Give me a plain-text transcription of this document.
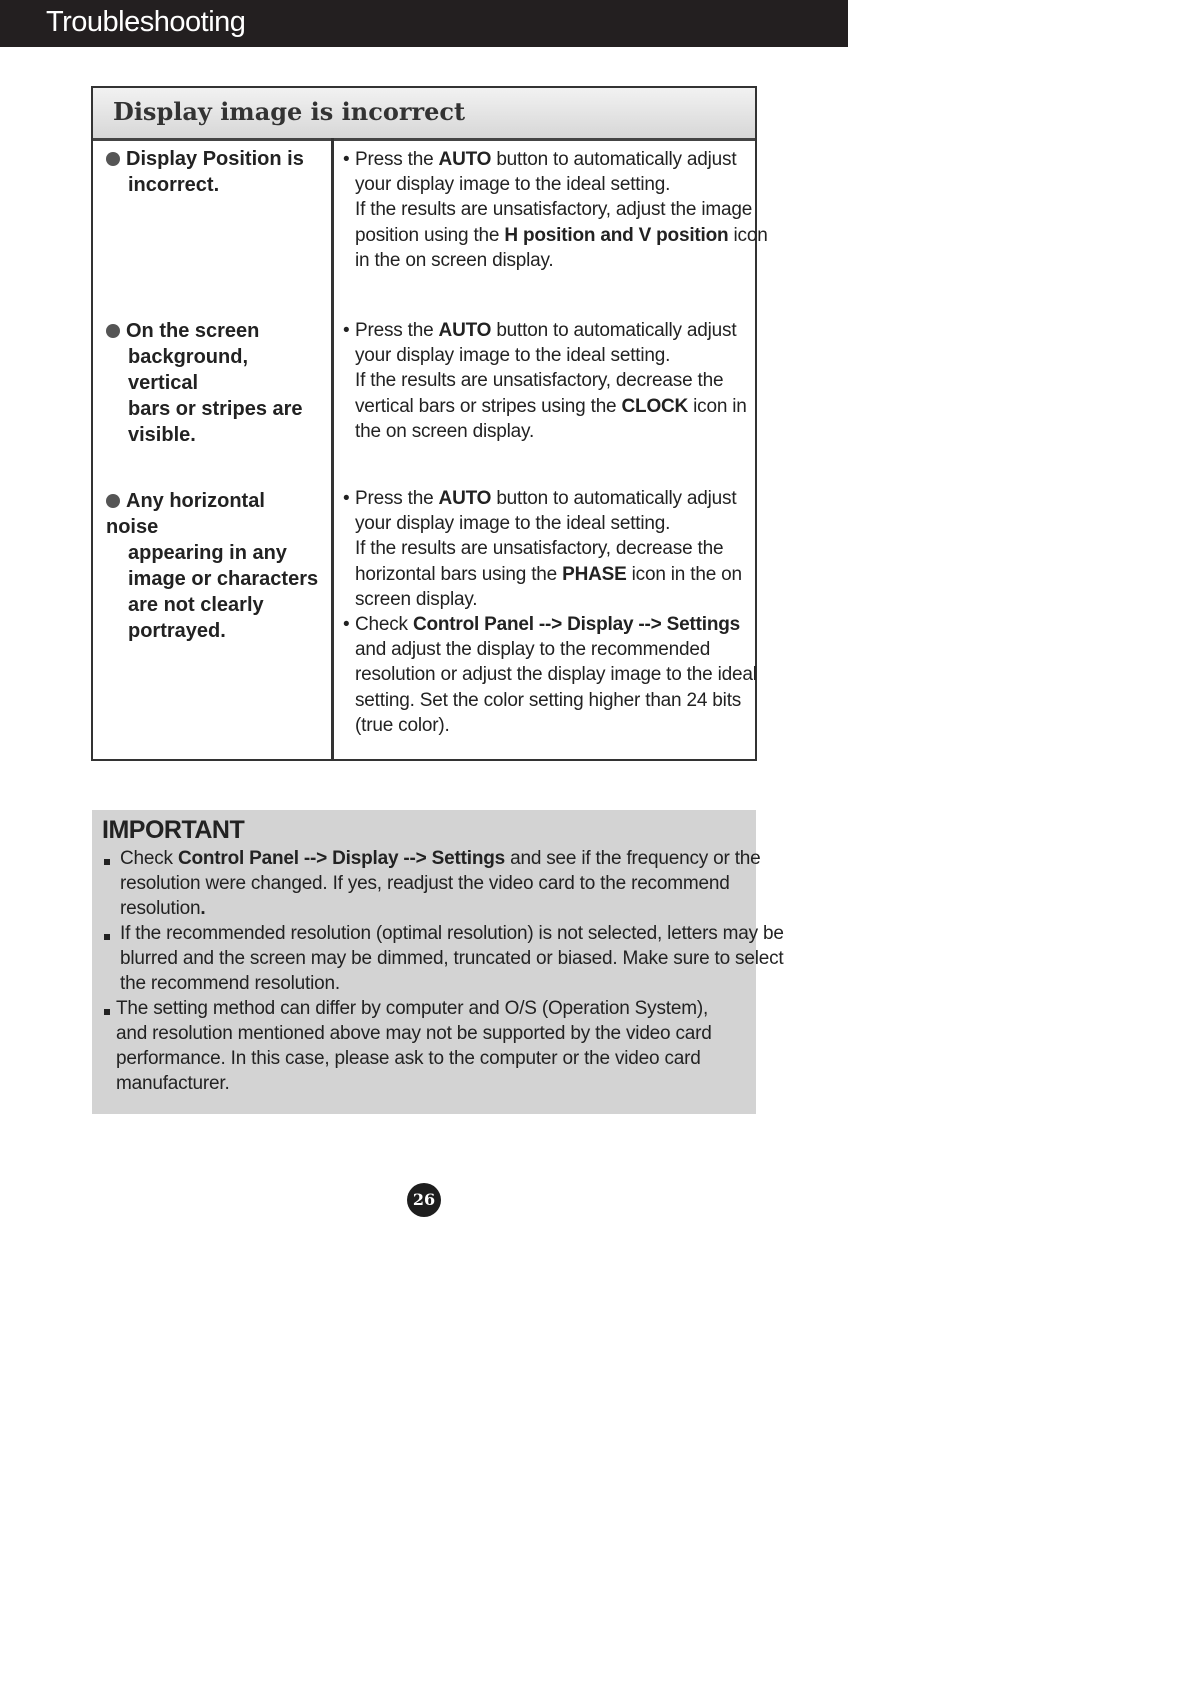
Troubleshooting
Display image is incorrect
Display Position is
incorrect.
• Press the AUTO button to automatically adjust
your display image to the ideal setting.
If the results are unsatisfactory, adjust the image
position using the H position and V position icon
in the on screen display.
On the screen
background, vertical
bars or stripes are
visible.
• Press the AUTO button to automatically adjust
your display image to the ideal setting.
If the results are unsatisfactory, decrease the
vertical bars or stripes using the CLOCK icon in
the on screen display.
Any horizontal noise
appearing in any
image or characters
are not clearly
portrayed.
• Press the AUTO button to automatically adjust
your display image to the ideal setting.
If the results are unsatisfactory, decrease the
horizontal bars using the PHASE icon in the on
screen display.
• Check Control Panel --> Display --> Settings
and adjust the display to the recommended
resolution or adjust the display image to the ideal
setting. Set the color setting higher than 24 bits
(true color).
IMPORTANT
Check Control Panel --> Display --> Settings and see if the frequency or the
resolution were changed. If yes, readjust the video card to the recommend
resolution.
If the recommended resolution (optimal resolution) is not selected, letters may be
blurred and the screen may be dimmed, truncated or biased. Make sure to select
the recommend resolution.
The setting method can differ by computer and O/S (Operation System),
and resolution mentioned above may not be supported by the video card
performance. In this case, please ask to the computer or the video card
manufacturer.
26
